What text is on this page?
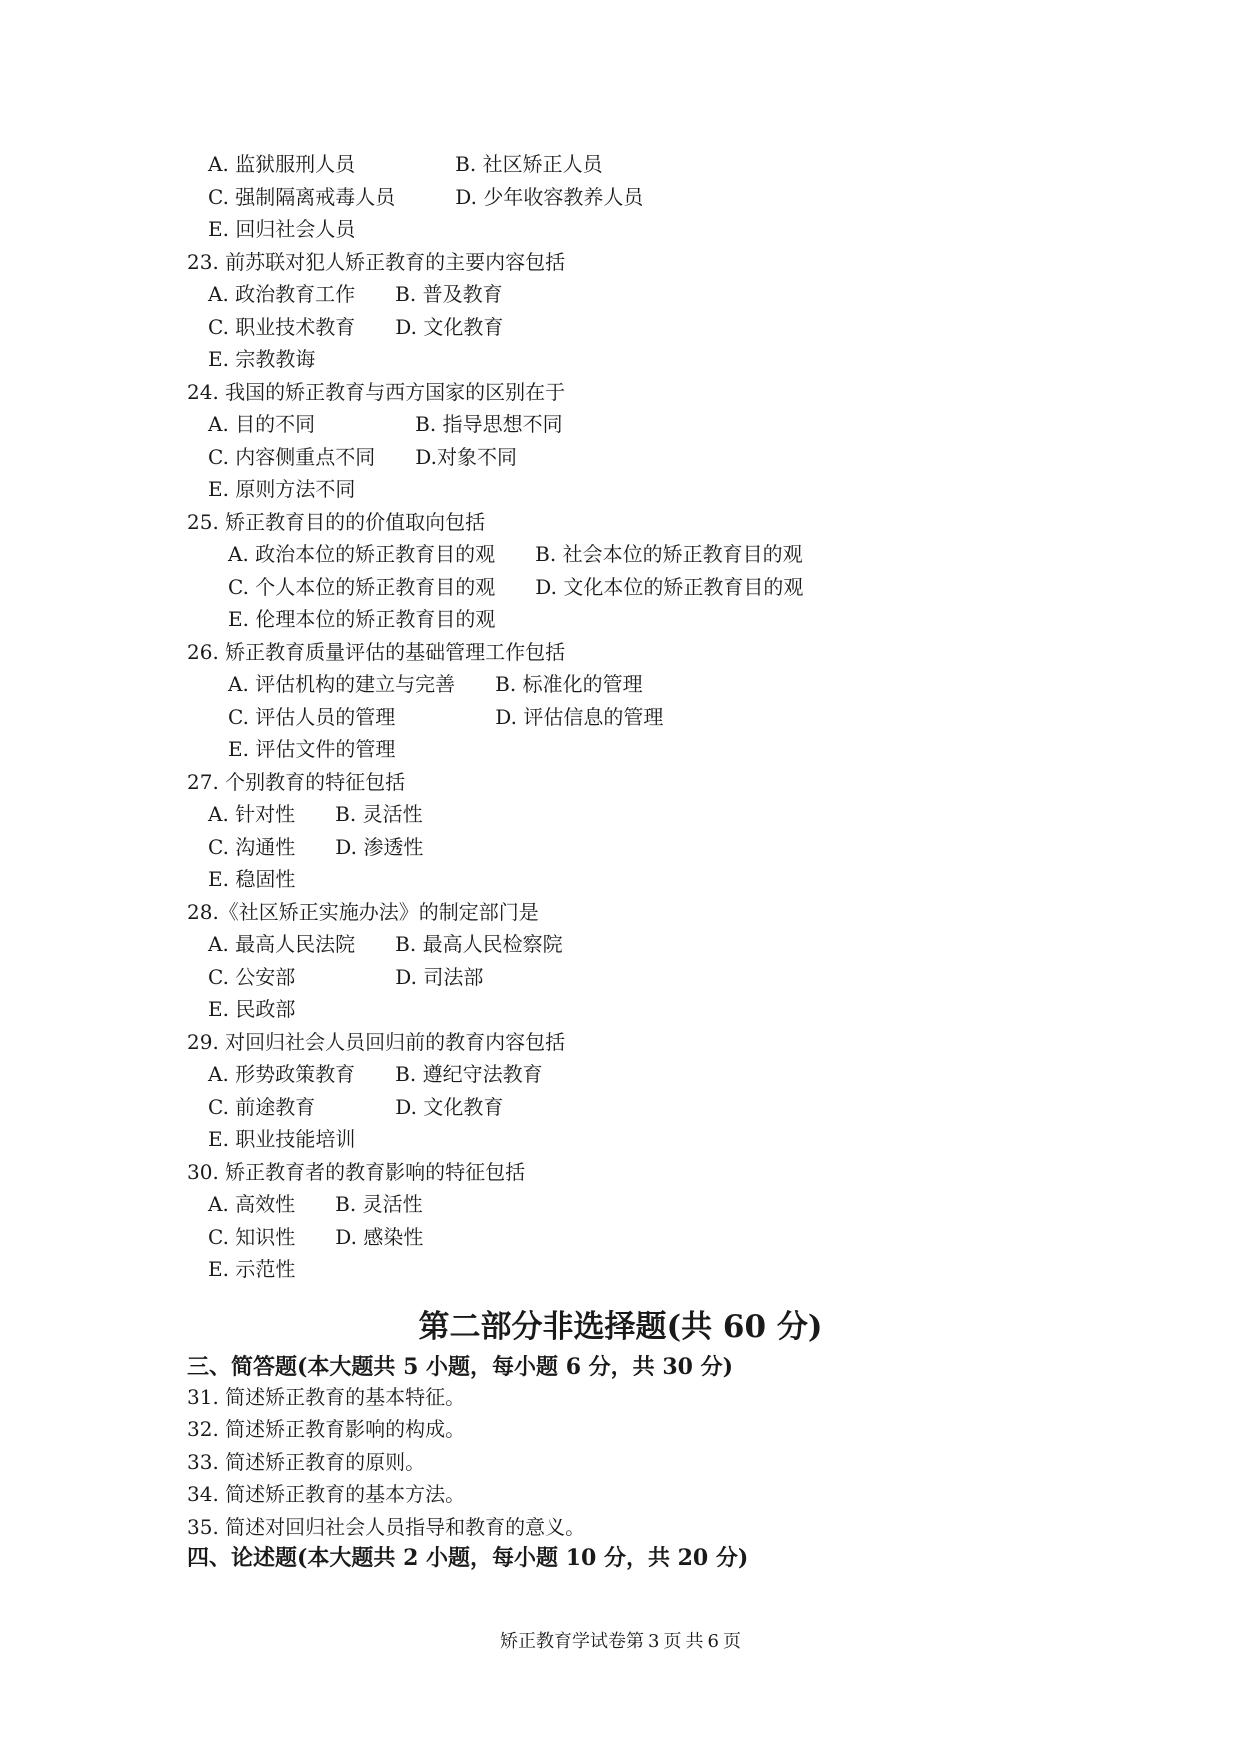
A. 监狱服刑人员　　　　　B. 社区矫正人员
C. 强制隔离戒毒人员　　　D. 少年收容教养人员
E. 回归社会人员
23. 前苏联对犯人矫正教育的主要内容包括
A. 政治教育工作　　B. 普及教育
C. 职业技术教育　　D. 文化教育
E. 宗教教诲
24. 我国的矫正教育与西方国家的区别在于
A. 目的不同　　　　　B. 指导思想不同
C. 内容侧重点不同　　D.对象不同
E. 原则方法不同
25. 矫正教育目的的价值取向包括
A. 政治本位的矫正教育目的观　　B. 社会本位的矫正教育目的观
C. 个人本位的矫正教育目的观　　D. 文化本位的矫正教育目的观
E. 伦理本位的矫正教育目的观
26. 矫正教育质量评估的基础管理工作包括
A. 评估机构的建立与完善　　B. 标准化的管理
C. 评估人员的管理　　　　　D. 评估信息的管理
E. 评估文件的管理
27. 个别教育的特征包括
A. 针对性　　B. 灵活性
C. 沟通性　　D. 渗透性
E. 稳固性
28.《社区矫正实施办法》的制定部门是
A. 最高人民法院　　B. 最高人民检察院
C. 公安部　　　　　D. 司法部
E. 民政部
29. 对回归社会人员回归前的教育内容包括
A. 形势政策教育　　B. 遵纪守法教育
C. 前途教育　　　　D. 文化教育
E. 职业技能培训
30. 矫正教育者的教育影响的特征包括
A. 高效性　　B. 灵活性
C. 知识性　　D. 感染性
E. 示范性
第二部分非选择题(共 60 分)
三、简答题(本大题共 5 小题，每小题 6 分，共 30 分)
31. 简述矫正教育的基本特征。
32. 简述矫正教育影响的构成。
33. 简述矫正教育的原则。
34. 简述矫正教育的基本方法。
35. 简述对回归社会人员指导和教育的意义。
四、论述题(本大题共 2 小题，每小题 10 分，共 20 分)
矫正教育学试卷第 3 页 共 6 页
